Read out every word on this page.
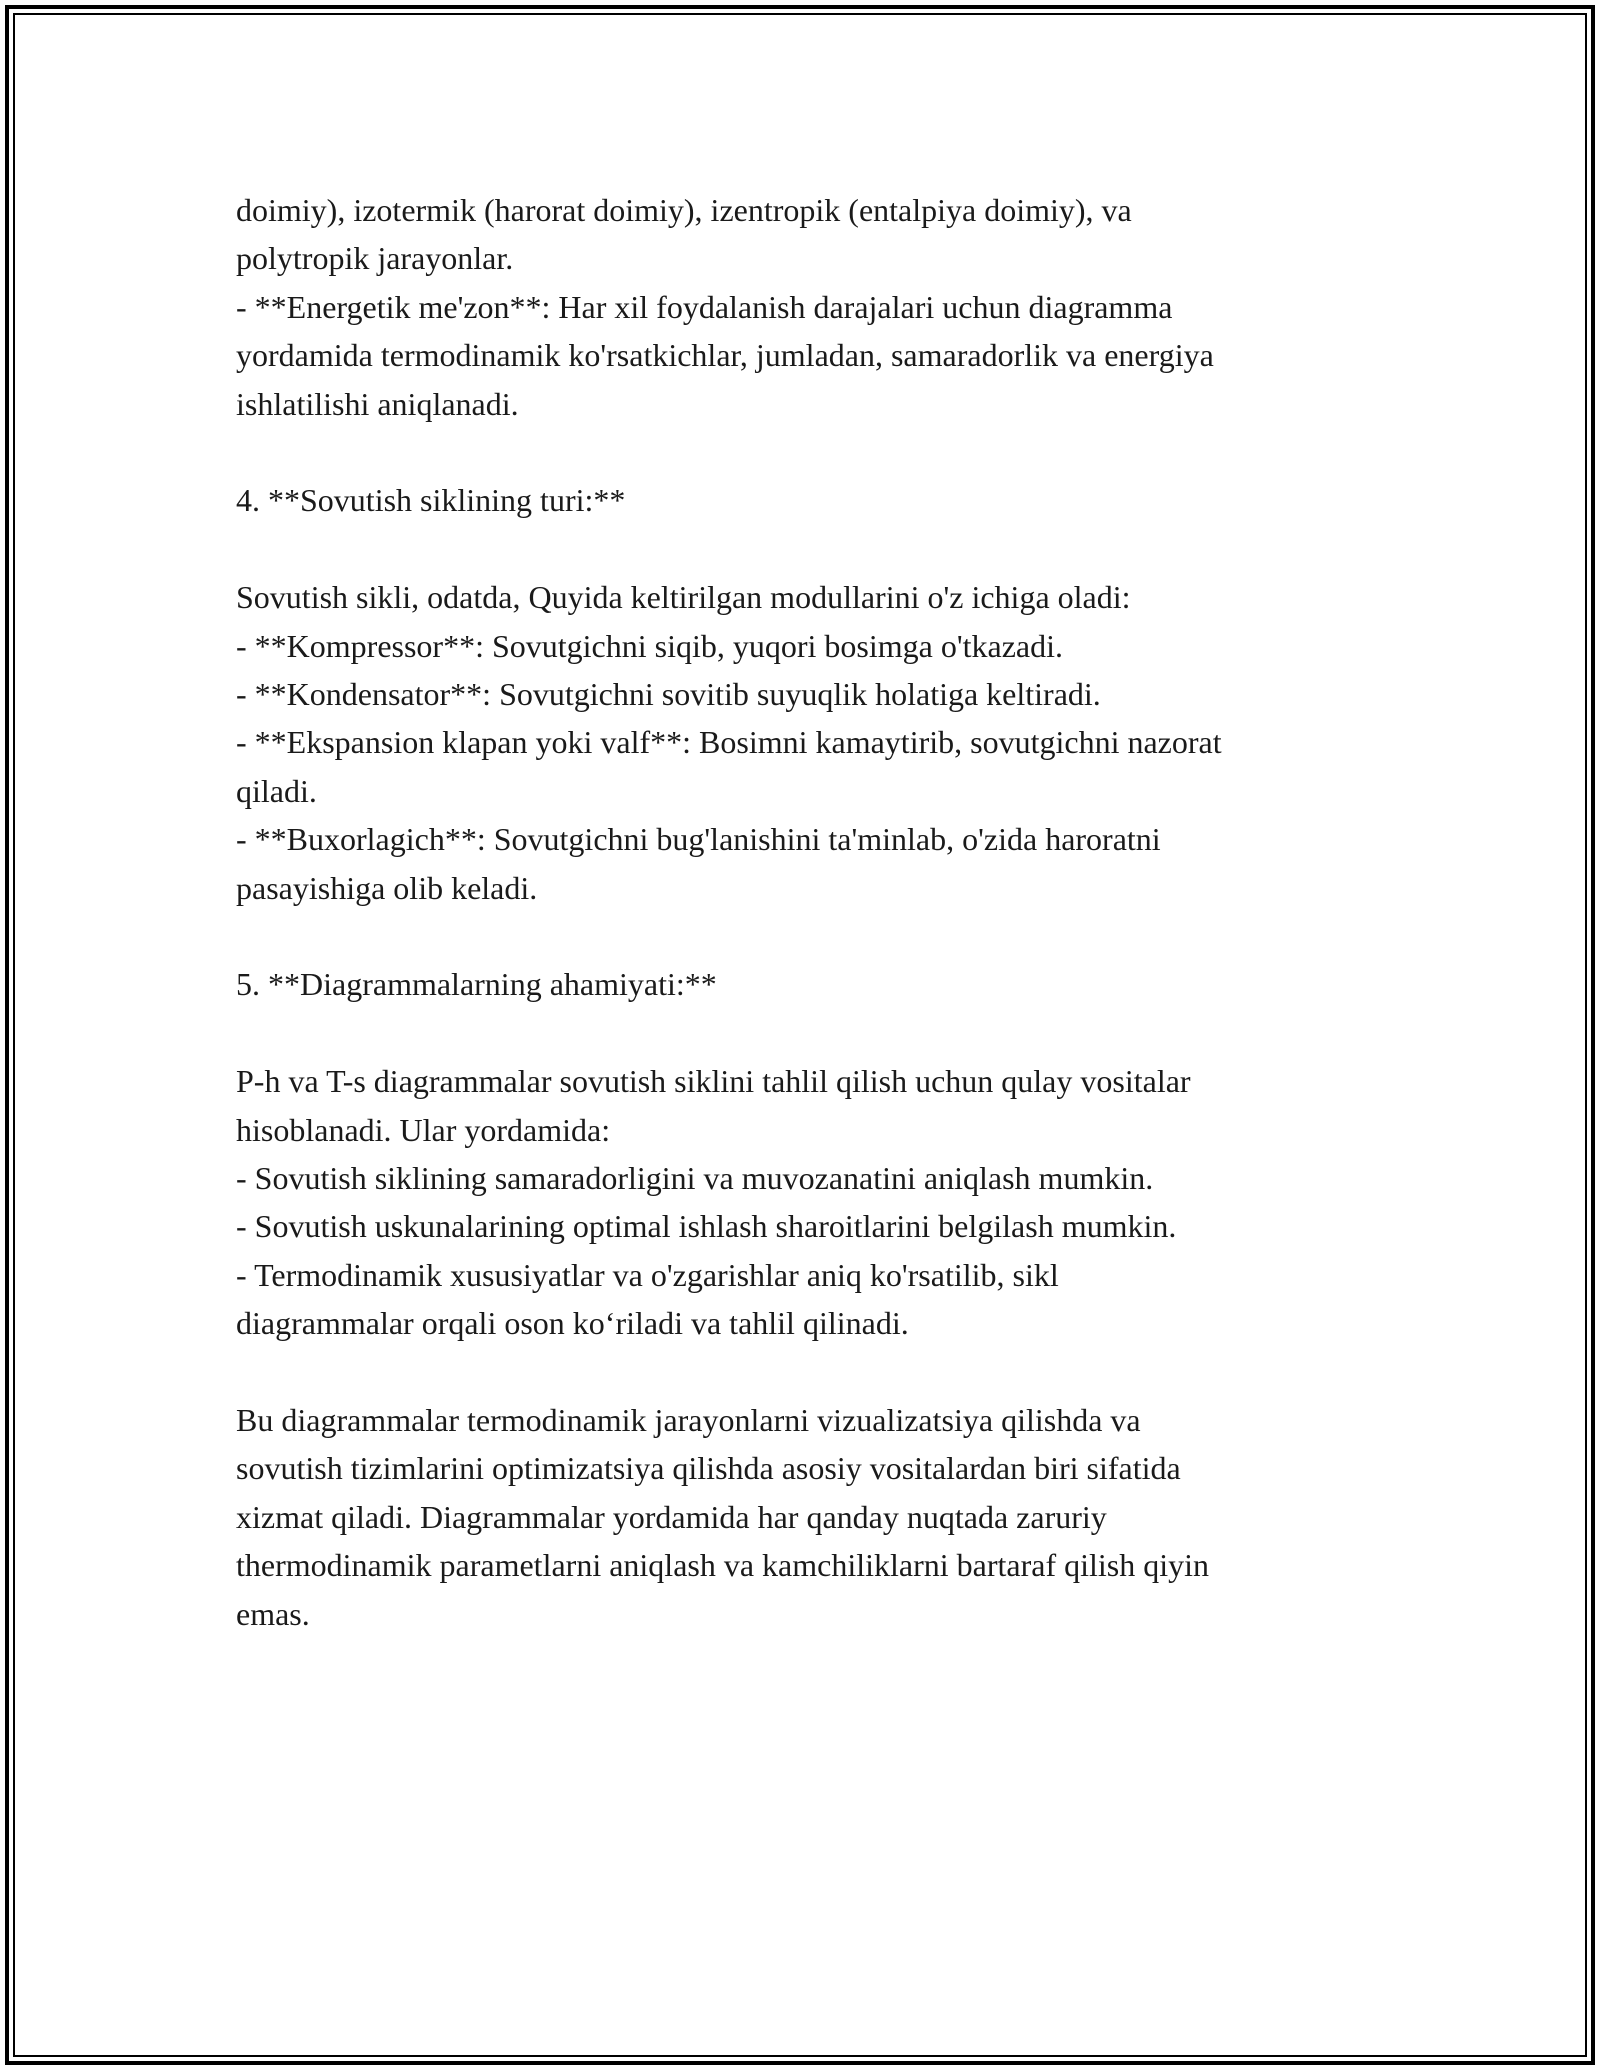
doimiy), izotermik (harorat doimiy), izentropik (entalpiya doimiy), va
polytropik jarayonlar.
- **Energetik me'zon**: Har xil foydalanish darajalari uchun diagramma
yordamida termodinamik ko'rsatkichlar, jumladan, samaradorlik va energiya
ishlatilishi aniqlanadi.
4. **Sovutish siklining turi:**
Sovutish sikli, odatda, Quyida keltirilgan modullarini o'z ichiga oladi:
- **Kompressor**: Sovutgichni siqib, yuqori bosimga o'tkazadi.
- **Kondensator**: Sovutgichni sovitib suyuqlik holatiga keltiradi.
- **Ekspansion klapan yoki valf**: Bosimni kamaytirib, sovutgichni nazorat
qiladi.
- **Buxorlagich**: Sovutgichni bug'lanishini ta'minlab, o'zida haroratni
pasayishiga olib keladi.
5. **Diagrammalarning ahamiyati:**
P-h va T-s diagrammalar sovutish siklini tahlil qilish uchun qulay vositalar
hisoblanadi. Ular yordamida:
- Sovutish siklining samaradorligini va muvozanatini aniqlash mumkin.
- Sovutish uskunalarining optimal ishlash sharoitlarini belgilash mumkin.
- Termodinamik xususiyatlar va o'zgarishlar aniq ko'rsatilib, sikl
diagrammalar orqali oson ko‘riladi va tahlil qilinadi.
Bu diagrammalar termodinamik jarayonlarni vizualizatsiya qilishda va
sovutish tizimlarini optimizatsiya qilishda asosiy vositalardan biri sifatida
xizmat qiladi. Diagrammalar yordamida har qanday nuqtada zaruriy
thermodinamik parametlarni aniqlash va kamchiliklarni bartaraf qilish qiyin
emas.
